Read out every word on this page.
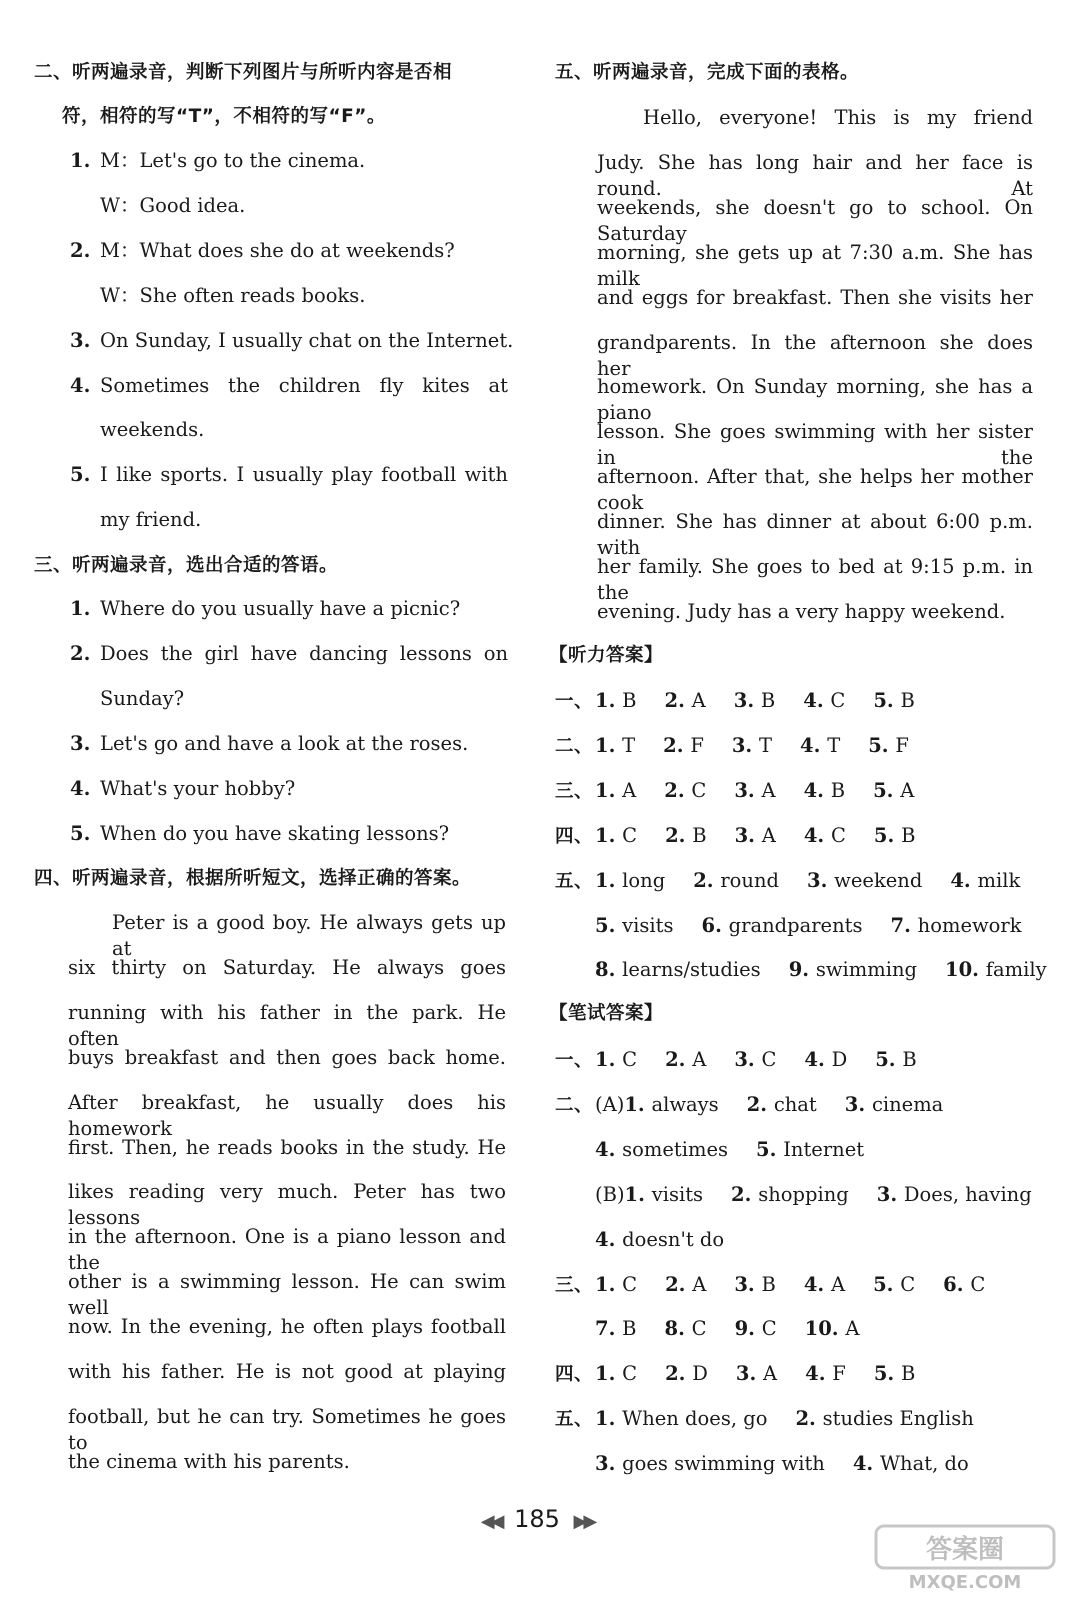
二、听两遍录音，判断下列图片与所听内容是否相
符，相符的写“T”，不相符的写“F”。
1. M：Let's go to the cinema.
W：Good idea.
2. M：What does she do at weekends?
W：She often reads books.
3. On Sunday, I usually chat on the Internet.
4. Sometimes the children fly kites at
weekends.
5. I like sports. I usually play football with
my friend.
三、听两遍录音，选出合适的答语。
1. Where do you usually have a picnic?
2. Does the girl have dancing lessons on
Sunday?
3. Let's go and have a look at the roses.
4. What's your hobby?
5. When do you have skating lessons?
四、听两遍录音，根据所听短文，选择正确的答案。
Peter is a good boy. He always gets up at
six thirty on Saturday. He always goes
running with his father in the park. He often
buys breakfast and then goes back home.
After breakfast, he usually does his homework
first. Then, he reads books in the study. He
likes reading very much. Peter has two lessons
in the afternoon. One is a piano lesson and the
other is a swimming lesson. He can swim well
now. In the evening, he often plays football
with his father. He is not good at playing
football, but he can try. Sometimes he goes to
the cinema with his parents.
五、听两遍录音，完成下面的表格。
Hello, everyone! This is my friend
Judy. She has long hair and her face is round. At
weekends, she doesn't go to school. On Saturday
morning, she gets up at 7:30 a.m. She has milk
and eggs for breakfast. Then she visits her
grandparents. In the afternoon she does her
homework. On Sunday morning, she has a piano
lesson. She goes swimming with her sister in the
afternoon. After that, she helps her mother cook
dinner. She has dinner at about 6:00 p.m. with
her family. She goes to bed at 9:15 p.m. in the
evening. Judy has a very happy weekend.
【听力答案】
一、 1. B 2. A 3. B 4. C 5. B
二、 1. T 2. F 3. T 4. T 5. F
三、 1. A 2. C 3. A 4. B 5. A
四、 1. C 2. B 3. A 4. C 5. B
五、 1. long 2. round 3. weekend 4. milk
5. visits 6. grandparents 7. homework
8. learns/studies 9. swimming 10. family
【笔试答案】
一、 1. C 2. A 3. C 4. D 5. B
二、 (A)1. always 2. chat 3. cinema
4. sometimes 5. Internet
(B)1. visits 2. shopping 3. Does, having
4. doesn't do
三、 1. C 2. A 3. B 4. A 5. C 6. C
7. B 8. C 9. C 10. A
四、 1. C 2. D 3. A 4. F 5. B
五、 1. When does, go 2. studies English
3. goes swimming with 4. What, do
◀◀ 185 ▶▶
答案圈
MXQE.COM
